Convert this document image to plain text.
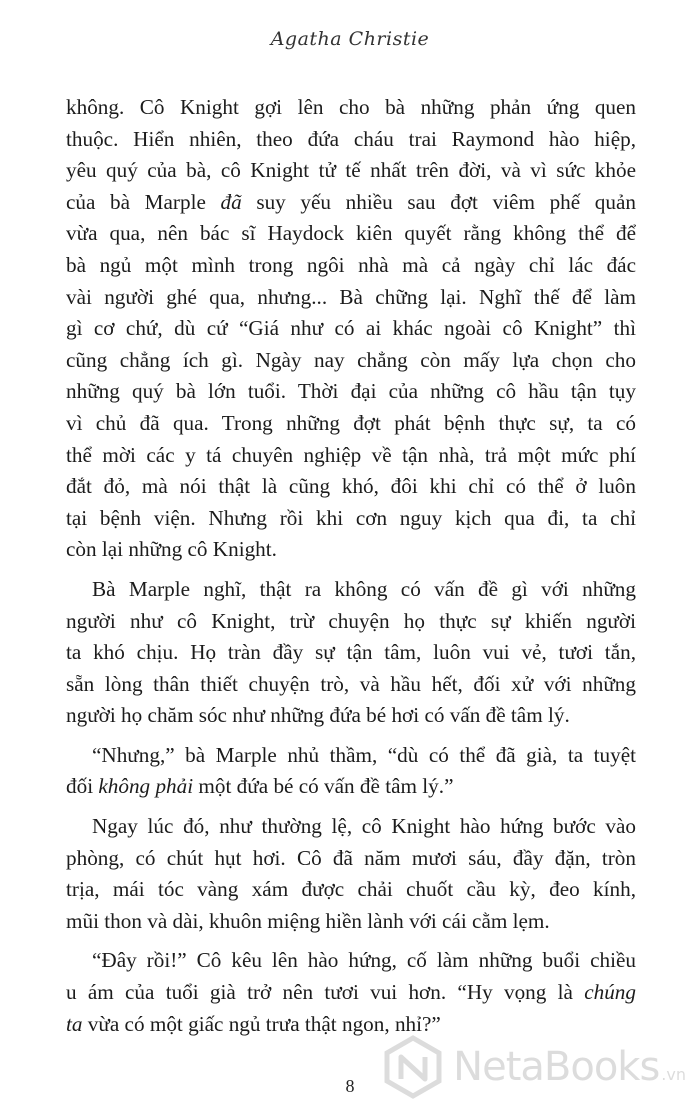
Agatha Christie

không. Cô Knight gợi lên cho bà những phản ứng quen
thuộc. Hiển nhiên, theo đứa cháu trai Raymond hào hiệp,
yêu quý của bà, cô Knight tử tế nhất trên đời, và vì sức khỏe
của bà Marple đã suy yếu nhiều sau đợt viêm phế quản
vừa qua, nên bác sĩ Haydock kiên quyết rằng không thể để
bà ngủ một mình trong ngôi nhà mà cả ngày chỉ lác đác
vài người ghé qua, nhưng... Bà chững lại. Nghĩ thế để làm
gì cơ chứ, dù cứ “Giá như có ai khác ngoài cô Knight” thì
cũng chẳng ích gì. Ngày nay chẳng còn mấy lựa chọn cho
những quý bà lớn tuổi. Thời đại của những cô hầu tận tụy
vì chủ đã qua. Trong những đợt phát bệnh thực sự, ta có
thể mời các y tá chuyên nghiệp về tận nhà, trả một mức phí
đắt đỏ, mà nói thật là cũng khó, đôi khi chỉ có thể ở luôn
tại bệnh viện. Nhưng rồi khi cơn nguy kịch qua đi, ta chỉ
còn lại những cô Knight.

Bà Marple nghĩ, thật ra không có vấn đề gì với những
người như cô Knight, trừ chuyện họ thực sự khiến người
ta khó chịu. Họ tràn đầy sự tận tâm, luôn vui vẻ, tươi tắn,
sẵn lòng thân thiết chuyện trò, và hầu hết, đối xử với những
người họ chăm sóc như những đứa bé hơi có vấn đề tâm lý.

“Nhưng,” bà Marple nhủ thầm, “dù có thể đã già, ta tuyệt
đối không phải một đứa bé có vấn đề tâm lý.”

Ngay lúc đó, như thường lệ, cô Knight hào hứng bước vào
phòng, có chút hụt hơi. Cô đã năm mươi sáu, đầy đặn, tròn
trịa, mái tóc vàng xám được chải chuốt cầu kỳ, đeo kính,
mũi thon và dài, khuôn miệng hiền lành với cái cằm lẹm.

“Đây rồi!” Cô kêu lên hào hứng, cố làm những buổi chiều
u ám của tuổi già trở nên tươi vui hơn. “Hy vọng là chúng
ta vừa có một giấc ngủ trưa thật ngon, nhỉ?”

8	NetaBooks .vn
